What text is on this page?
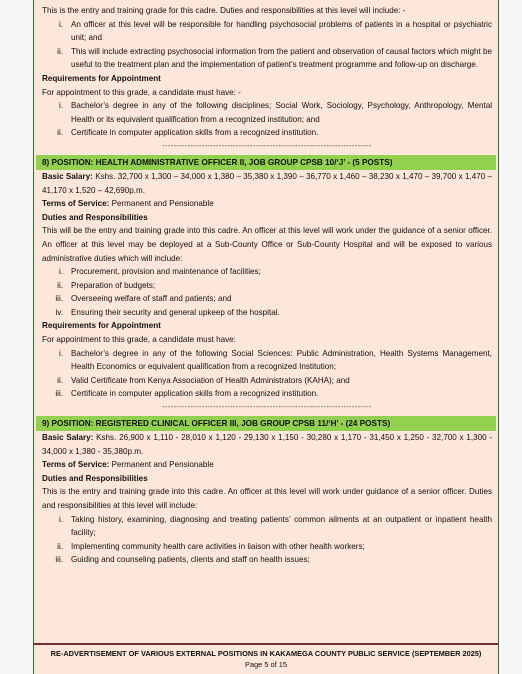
This is the entry and training grade for this cadre. Duties and responsibilities at this level will include: -

i. An officer at this level will be responsible for handling psychosocial problems of patients in a hospital or psychiatric unit; and
ii. This will include extracting psychosocial information from the patient and observation of causal factors which might be useful to the treatment plan and the implementation of patient’s treatment programme and follow-up on discharge.

Requirements for Appointment

For appointment to this grade, a candidate must have: -

i. Bachelor’s degree in any of the following disciplines; Social Work, Sociology, Psychology, Anthropology, Mental Health or its equivalent qualification from a recognized institution; and
ii. Certificate in computer application skills from a recognized institution.
--------------------------------------------------------------------------
8) POSITION: HEALTH ADMINISTRATIVE OFFICER II, JOB GROUP CPSB 10/‘J’ - (5 POSTS)

Basic Salary: Kshs. 32,700 x 1,300 – 34,000 x 1,380 – 35,380 x 1,390 – 36,770 x 1,460 – 38,230 x 1,470 – 39,700 x 1,470 – 41,170 x 1,520 – 42,690p.m.

Terms of Service: Permanent and Pensionable

Duties and Responsibilities

This will be the entry and training grade into this cadre. An officer at this level will work under the guidance of a senior officer. An officer at this level may be deployed at a Sub-County Office or Sub-County Hospital and will be exposed to various administrative duties which will include:

i. Procurement, provision and maintenance of facilities;
ii. Preparation of budgets;
iii. Overseeing welfare of staff and patients; and
iv. Ensuring their security and general upkeep of the hospital.

Requirements for Appointment

For appointment to this grade, a candidate must have:

i. Bachelor’s degree in any of the following Social Sciences: Public Administration, Health Systems Management, Health Economics or equivalent qualification from a recognized Institution;
ii. Valid Certificate from Kenya Association of Health Administrators (KAHA); and
iii. Certificate in computer application skills from a recognized institution.
--------------------------------------------------------------------------
9) POSITION: REGISTERED CLINICAL OFFICER III, JOB GROUP CPSB 11/‘H’ - (24 POSTS)

Basic Salary: Kshs. 26,900 x 1,110 - 28,010 x 1,120 - 29,130 x 1,150 - 30,280 x 1,170 - 31,450 x 1,250 - 32,700 x 1,300 - 34,000 x 1,380 - 35,380p.m.

Terms of Service: Permanent and Pensionable

Duties and Responsibilities

This is the entry and training grade into this cadre. An officer at this level will work under guidance of a senior officer. Duties and responsibilities at this level will include:

i. Taking history, examining, diagnosing and treating patients’ common ailments at an outpatient or inpatient health facility;
ii. Implementing community health care activities in liaison with other health workers;
iii. Guiding and counseling patients, clients and staff on health issues;
RE-ADVERTISEMENT OF VARIOUS EXTERNAL POSITIONS IN KAKAMEGA COUNTY PUBLIC SERVICE (SEPTEMBER 2025)
Page 5 of 15
